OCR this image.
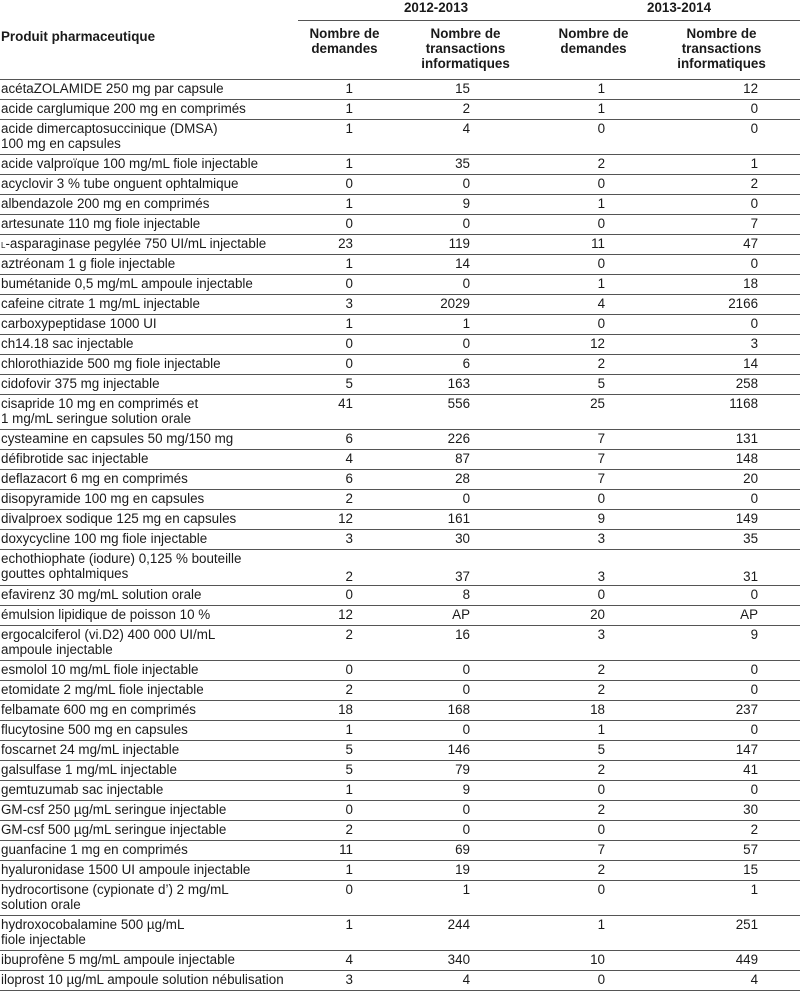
	2012-2013		2013-2014	
Produit pharmaceutique	Nombre de demandes	Nombre de transactions informatiques	Nombre de demandes	Nombre de transactions informatiques
acétaZOLAMIDE 250 mg par capsule	1	15	1	12
acide carglumique 200 mg en comprimés	1	2	1	0
acide dimercaptosuccinique (DMSA)
100 mg en capsules	1	4	0	0
acide valproïque 100 mg/mL fiole injectable	1	35	2	1
acyclovir 3 % tube onguent ophtalmique	0	0	0	2
albendazole 200 mg en comprimés	1	9	1	0
artesunate 110 mg fiole injectable	0	0	0	7
l-asparaginase pegylée 750 UI/mL injectable	23	119	11	47
aztréonam 1 g fiole injectable	1	14	0	0
bumétanide 0,5 mg/mL ampoule injectable	0	0	1	18
cafeine citrate 1 mg/mL injectable	3	2029	4	2166
carboxypeptidase 1000 UI	1	1	0	0
ch14.18 sac injectable	0	0	12	3
chlorothiazide 500 mg fiole injectable	0	6	2	14
cidofovir 375 mg injectable	5	163	5	258
cisapride 10 mg en comprimés et
1 mg/mL seringue solution orale	41	556	25	1168
cysteamine en capsules 50 mg/150 mg	6	226	7	131
défibrotide sac injectable	4	87	7	148
deflazacort 6 mg en comprimés	6	28	7	20
disopyramide 100 mg en capsules	2	0	0	0
divalproex sodique 125 mg en capsules	12	161	9	149
doxycycline 100 mg fiole injectable	3	30	3	35
echothiophate (iodure) 0,125 % bouteille
gouttes ophtalmiques	2	37	3	31
efavirenz 30 mg/mL solution orale	0	8	0	0
émulsion lipidique de poisson 10 %	12	AP	20	AP
ergocalciferol (vi.D2) 400 000 UI/mL
ampoule injectable	2	16	3	9
esmolol 10 mg/mL fiole injectable	0	0	2	0
etomidate 2 mg/mL fiole injectable	2	0	2	0
felbamate 600 mg en comprimés	18	168	18	237
flucytosine 500 mg en capsules	1	0	1	0
foscarnet 24 mg/mL injectable	5	146	5	147
galsulfase 1 mg/mL injectable	5	79	2	41
gemtuzumab sac injectable	1	9	0	0
GM-csf 250 µg/mL seringue injectable	0	0	2	30
GM-csf 500 µg/mL seringue injectable	2	0	0	2
guanfacine 1 mg en comprimés	11	69	7	57
hyaluronidase 1500 UI ampoule injectable	1	19	2	15
hydrocortisone (cypionate d’) 2 mg/mL
solution orale	0	1	0	1
hydroxocobalamine 500 µg/mL
fiole injectable	1	244	1	251
ibuprofène 5 mg/mL ampoule injectable	4	340	10	449
iloprost 10 µg/mL ampoule solution nébulisation	3	4	0	4
